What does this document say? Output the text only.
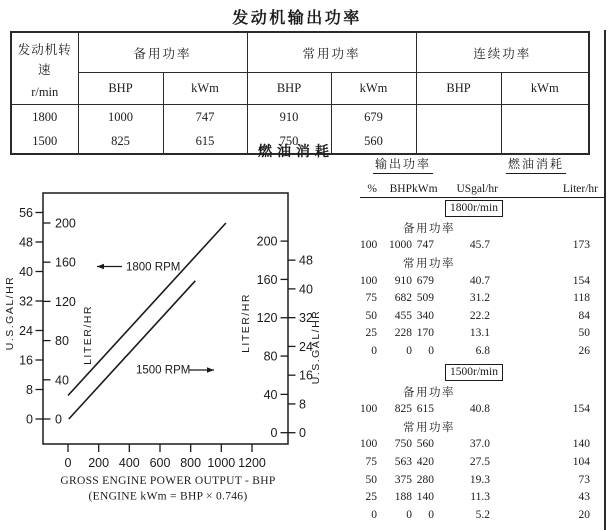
发动机输出功率
发动机转速
r/min	备用功率		常用功率		连续功率	
	BHP	kWm	BHP	kWm	BHP	kWm
1800	1000	747	910	679		
1500	825	615	750	560		
燃油消耗
0
8
16
24
32
40
48
56
U.S.GAL/HR
0
40
80
120
160
200
LITER/HR
0
40
80
120
160
200
LITER/HR
0
8
16
24
32
40
48
U.S.GAL/HR
0 200 400 600 800 1000 1200
GROSS ENGINE POWER OUTPUT - BHP
(ENGINE kWm = BHP × 0.746)
1800 RPM
1500 RPM
输出功率	燃油消耗
%	BHP kWm	USgal/hr	Liter/hr
1800r/min
备用功率
100	1000 747	45.7	173
常用功率
100	910 679	40.7	154
75	682 509	31.2	118
50	455 340	22.2	84
25	228 170	13.1	50
0	0	0	6.8	26
1500r/min
备用功率
100	825 615	40.8	154
常用功率
100	750 560	37.0	140
75	563 420	27.5	104
50	375 280	19.3	73
25	188 140	11.3	43
0	0	0	5.2	20
